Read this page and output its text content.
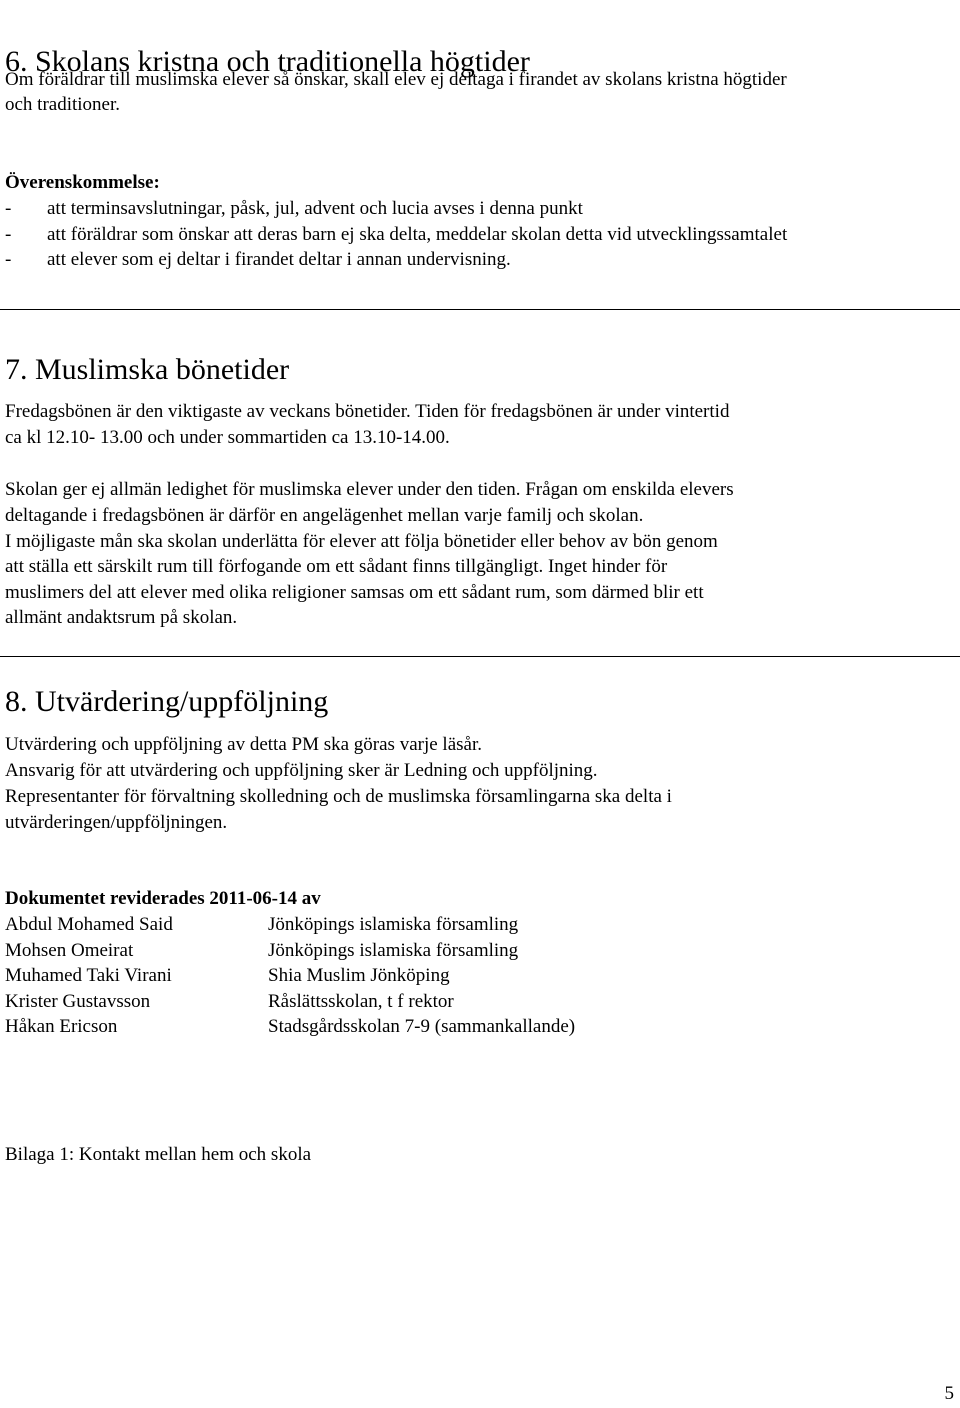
6. Skolans kristna och traditionella högtider
Om föräldrar till muslimska elever så önskar, skall elev ej deltaga i firandet av skolans kristna högtider
och traditioner.
Överenskommelse:
- att terminsavslutningar, påsk, jul, advent och lucia avses i denna punkt
- att föräldrar som önskar att deras barn ej ska delta, meddelar skolan detta vid utvecklingssamtalet
- att elever som ej deltar i firandet deltar i annan undervisning.
7. Muslimska bönetider
Fredagsbönen är den viktigaste av veckans bönetider. Tiden för fredagsbönen är under vintertid
ca kl 12.10- 13.00 och under sommartiden ca 13.10-14.00.
Skolan ger ej allmän ledighet för muslimska elever under den tiden. Frågan om enskilda elevers
deltagande i fredagsbönen är därför en angelägenhet mellan varje familj och skolan.
I möjligaste mån ska skolan underlätta för elever att följa bönetider eller behov av bön genom
att ställa ett särskilt rum till förfogande om ett sådant finns tillgängligt. Inget hinder för
muslimers del att elever med olika religioner samsas om ett sådant rum, som därmed blir ett
allmänt andaktsrum på skolan.
8. Utvärdering/uppföljning
Utvärdering och uppföljning av detta PM ska göras varje läsår.
Ansvarig för att utvärdering och uppföljning sker är Ledning och uppföljning.
Representanter för förvaltning skolledning och de muslimska församlingarna ska delta i
utvärderingen/uppföljningen.
Dokumentet reviderades 2011-06-14 av
Abdul Mohamed Said	Jönköpings islamiska församling
Mohsen Omeirat	Jönköpings islamiska församling
Muhamed Taki Virani	Shia Muslim Jönköping
Krister Gustavsson	Råslättsskolan, t f rektor
Håkan Ericson	Stadsgårdsskolan 7-9 (sammankallande)
Bilaga 1: Kontakt mellan hem och skola
5
